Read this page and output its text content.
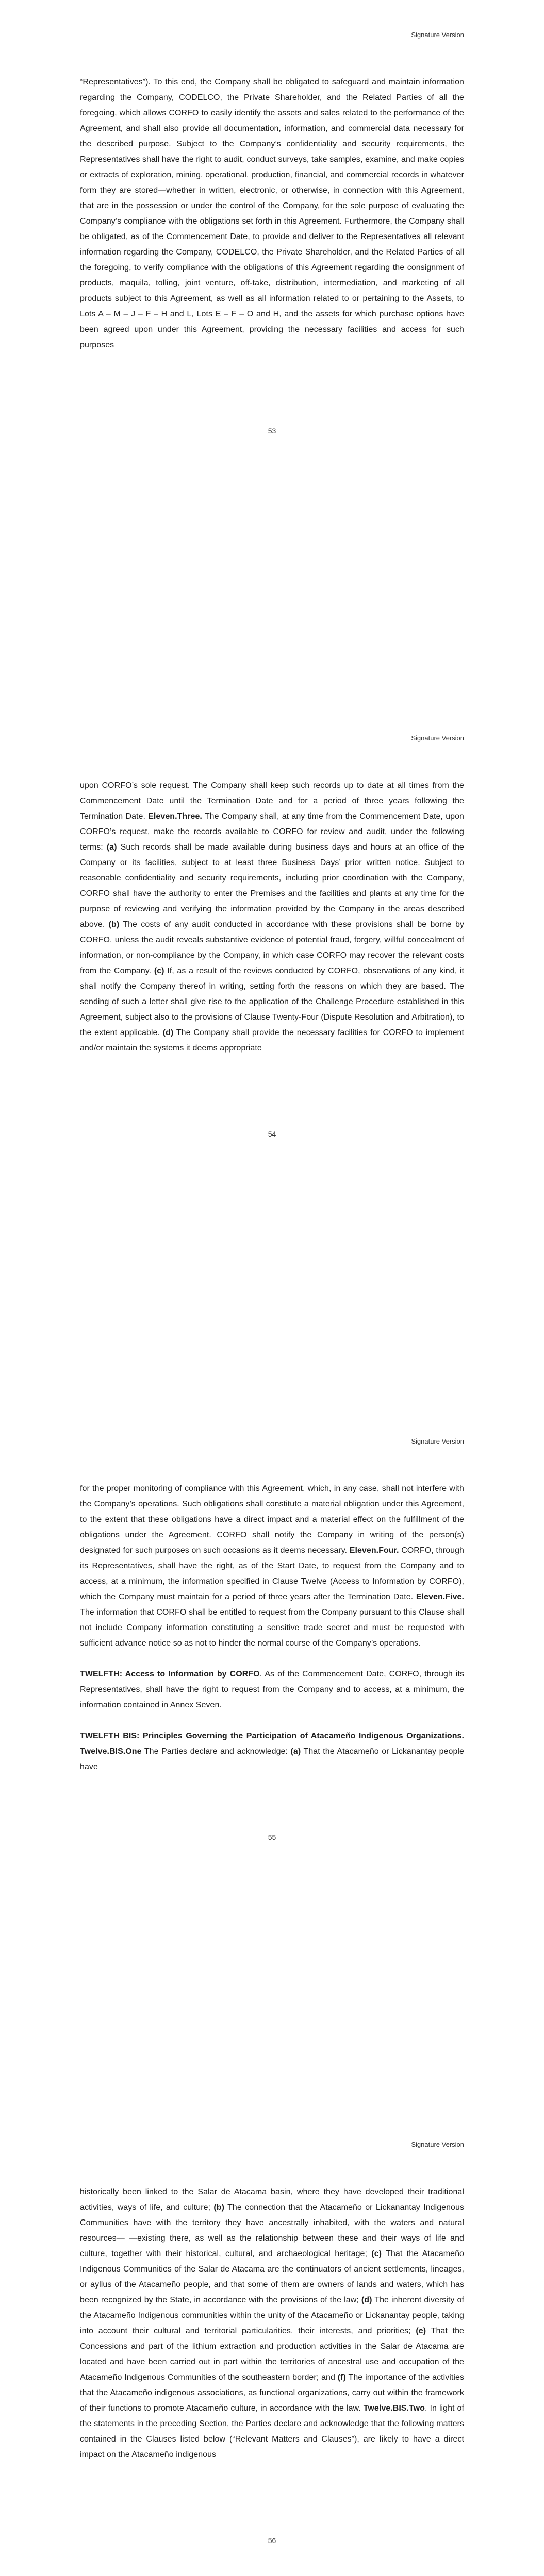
Signature Version

“Representatives”). To this end, the Company shall be obligated to safeguard and maintain information regarding the Company, CODELCO, the Private Shareholder, and the Related Parties of all the foregoing, which allows CORFO to easily identify the assets and sales related to the performance of the Agreement, and shall also provide all documentation, information, and commercial data necessary for the described purpose. Subject to the Company’s confidentiality and security requirements, the Representatives shall have the right to audit, conduct surveys, take samples, examine, and make copies or extracts of exploration, mining, operational, production, financial, and commercial records in whatever form they are stored—whether in written, electronic, or otherwise, in connection with this Agreement, that are in the possession or under the control of the Company, for the sole purpose of evaluating the Company’s compliance with the obligations set forth in this Agreement. Furthermore, the Company shall be obligated, as of the Commencement Date, to provide and deliver to the Representatives all relevant information regarding the Company, CODELCO, the Private Shareholder, and the Related Parties of all the foregoing, to verify compliance with the obligations of this Agreement regarding the consignment of products, maquila, tolling, joint venture, off-take, distribution, intermediation, and marketing of all products subject to this Agreement, as well as all information related to or pertaining to the Assets, to Lots A – M – J – F – H and L, Lots E – F – O and H, and the assets for which purchase options have been agreed upon under this Agreement, providing the necessary facilities and access for such purposes

53
Signature Version

upon CORFO’s sole request. The Company shall keep such records up to date at all times from the Commencement Date until the Termination Date and for a period of three years following the Termination Date. Eleven.Three. The Company shall, at any time from the Commencement Date, upon CORFO’s request, make the records available to CORFO for review and audit, under the following terms: (a) Such records shall be made available during business days and hours at an office of the Company or its facilities, subject to at least three Business Days’ prior written notice. Subject to reasonable confidentiality and security requirements, including prior coordination with the Company, CORFO shall have the authority to enter the Premises and the facilities and plants at any time for the purpose of reviewing and verifying the information provided by the Company in the areas described above. (b) The costs of any audit conducted in accordance with these provisions shall be borne by CORFO, unless the audit reveals substantive evidence of potential fraud, forgery, willful concealment of information, or non-compliance by the Company, in which case CORFO may recover the relevant costs from the Company. (c) If, as a result of the reviews conducted by CORFO, observations of any kind, it shall notify the Company thereof in writing, setting forth the reasons on which they are based. The sending of such a letter shall give rise to the application of the Challenge Procedure established in this Agreement, subject also to the provisions of Clause Twenty-Four (Dispute Resolution and Arbitration), to the extent applicable. (d) The Company shall provide the necessary facilities for CORFO to implement and/or maintain the systems it deems appropriate

54
Signature Version

for the proper monitoring of compliance with this Agreement, which, in any case, shall not interfere with the Company’s operations. Such obligations shall constitute a material obligation under this Agreement, to the extent that these obligations have a direct impact and a material effect on the fulfillment of the obligations under the Agreement. CORFO shall notify the Company in writing of the person(s) designated for such purposes on such occasions as it deems necessary. Eleven.Four. CORFO, through its Representatives, shall have the right, as of the Start Date, to request from the Company and to access, at a minimum, the information specified in Clause Twelve (Access to Information by CORFO), which the Company must maintain for a period of three years after the Termination Date. Eleven.Five. The information that CORFO shall be entitled to request from the Company pursuant to this Clause shall not include Company information constituting a sensitive trade secret and must be requested with sufficient advance notice so as not to hinder the normal course of the Company’s operations.

TWELFTH: Access to Information by CORFO. As of the Commencement Date, CORFO, through its Representatives, shall have the right to request from the Company and to access, at a minimum, the information contained in Annex Seven.

TWELFTH BIS: Principles Governing the Participation of Atacameño Indigenous Organizations. Twelve.BIS.One The Parties declare and acknowledge: (a) That the Atacameño or Lickanantay people have

55
Signature Version

historically been linked to the Salar de Atacama basin, where they have developed their traditional activities, ways of life, and culture; (b) The connection that the Atacameño or Lickanantay Indigenous Communities have with the territory they have ancestrally inhabited, with the waters and natural resources— —existing there, as well as the relationship between these and their ways of life and culture, together with their historical, cultural, and archaeological heritage; (c) That the Atacameño Indigenous Communities of the Salar de Atacama are the continuators of ancient settlements, lineages, or ayllus of the Atacameño people, and that some of them are owners of lands and waters, which has been recognized by the State, in accordance with the provisions of the law; (d) The inherent diversity of the Atacameño Indigenous communities within the unity of the Atacameño or Lickanantay people, taking into account their cultural and territorial particularities, their interests, and priorities; (e) That the Concessions and part of the lithium extraction and production activities in the Salar de Atacama are located and have been carried out in part within the territories of ancestral use and occupation of the Atacameño Indigenous Communities of the southeastern border; and (f) The importance of the activities that the Atacameño indigenous associations, as functional organizations, carry out within the framework of their functions to promote Atacameño culture, in accordance with the law. Twelve.BIS.Two. In light of the statements in the preceding Section, the Parties declare and acknowledge that the following matters contained in the Clauses listed below (“Relevant Matters and Clauses”), are likely to have a direct impact on the Atacameño indigenous

56
